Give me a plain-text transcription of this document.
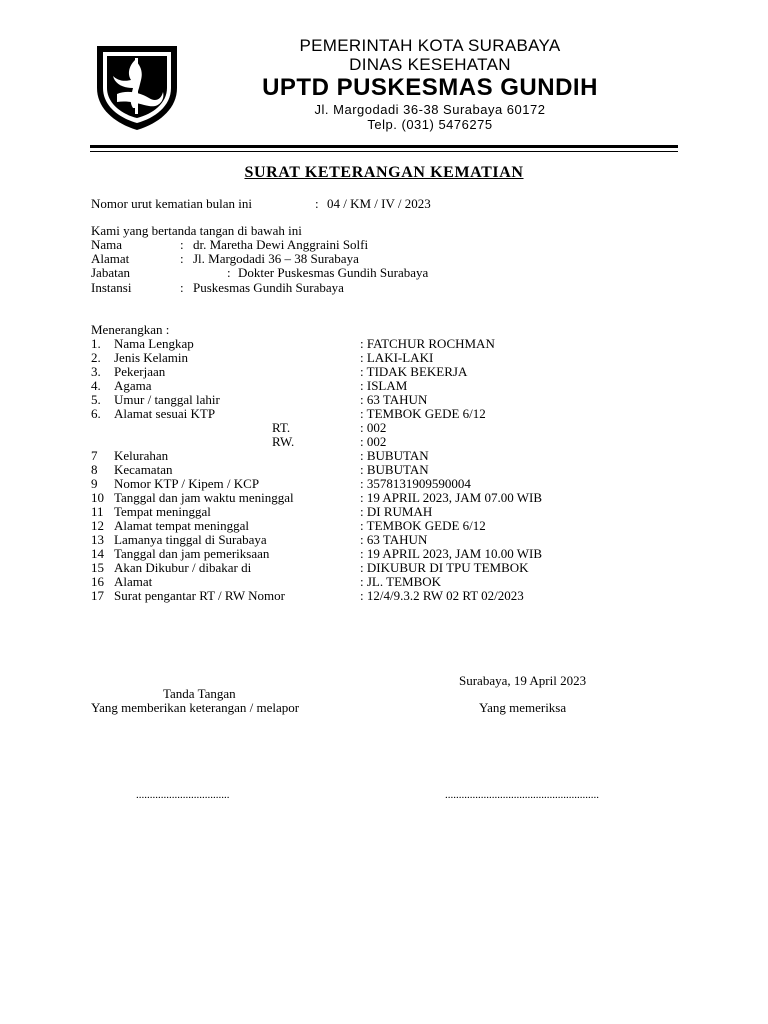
PEMERINTAH KOTA SURABAYA
DINAS KESEHATAN
UPTD PUSKESMAS GUNDIH
Jl. Margodadi 36-38 Surabaya 60172
Telp. (031) 5476275
SURAT KETERANGAN KEMATIAN
Nomor urut kematian bulan ini	: 04 / KM / IV / 2023
Kami yang bertanda tangan di bawah ini
Nama	: dr. Maretha Dewi Anggraini Solfi
Alamat	: Jl. Margodadi 36 – 38 Surabaya
Jabatan	: Dokter Puskesmas Gundih Surabaya
Instansi	: Puskesmas Gundih Surabaya
Menerangkan :
1. Nama Lengkap	: FATCHUR ROCHMAN
2. Jenis Kelamin	: LAKI-LAKI
3. Pekerjaan	: TIDAK BEKERJA
4. Agama	: ISLAM
5. Umur / tanggal lahir	: 63 TAHUN
6. Alamat sesuai KTP	: TEMBOK GEDE 6/12
RT.	: 002
RW.	: 002
7 Kelurahan	: BUBUTAN
8 Kecamatan	: BUBUTAN
9 Nomor KTP / Kipem / KCP	: 3578131909590004
10 Tanggal dan jam waktu meninggal	: 19 APRIL 2023, JAM 07.00 WIB
11 Tempat meninggal	: DI RUMAH
12 Alamat tempat meninggal	: TEMBOK GEDE 6/12
13 Lamanya tinggal di Surabaya	: 63 TAHUN
14 Tanggal dan jam pemeriksaan	: 19 APRIL 2023, JAM 10.00 WIB
15 Akan Dikubur / dibakar di	: DIKUBUR DI TPU TEMBOK
16 Alamat	: JL. TEMBOK
17 Surat pengantar RT / RW Nomor	: 12/4/9.3.2 RW 02 RT 02/2023
Surabaya, 19 April 2023
Tanda Tangan
Yang memberikan keterangan / melapor	Yang memeriksa
..................................	........................................................
